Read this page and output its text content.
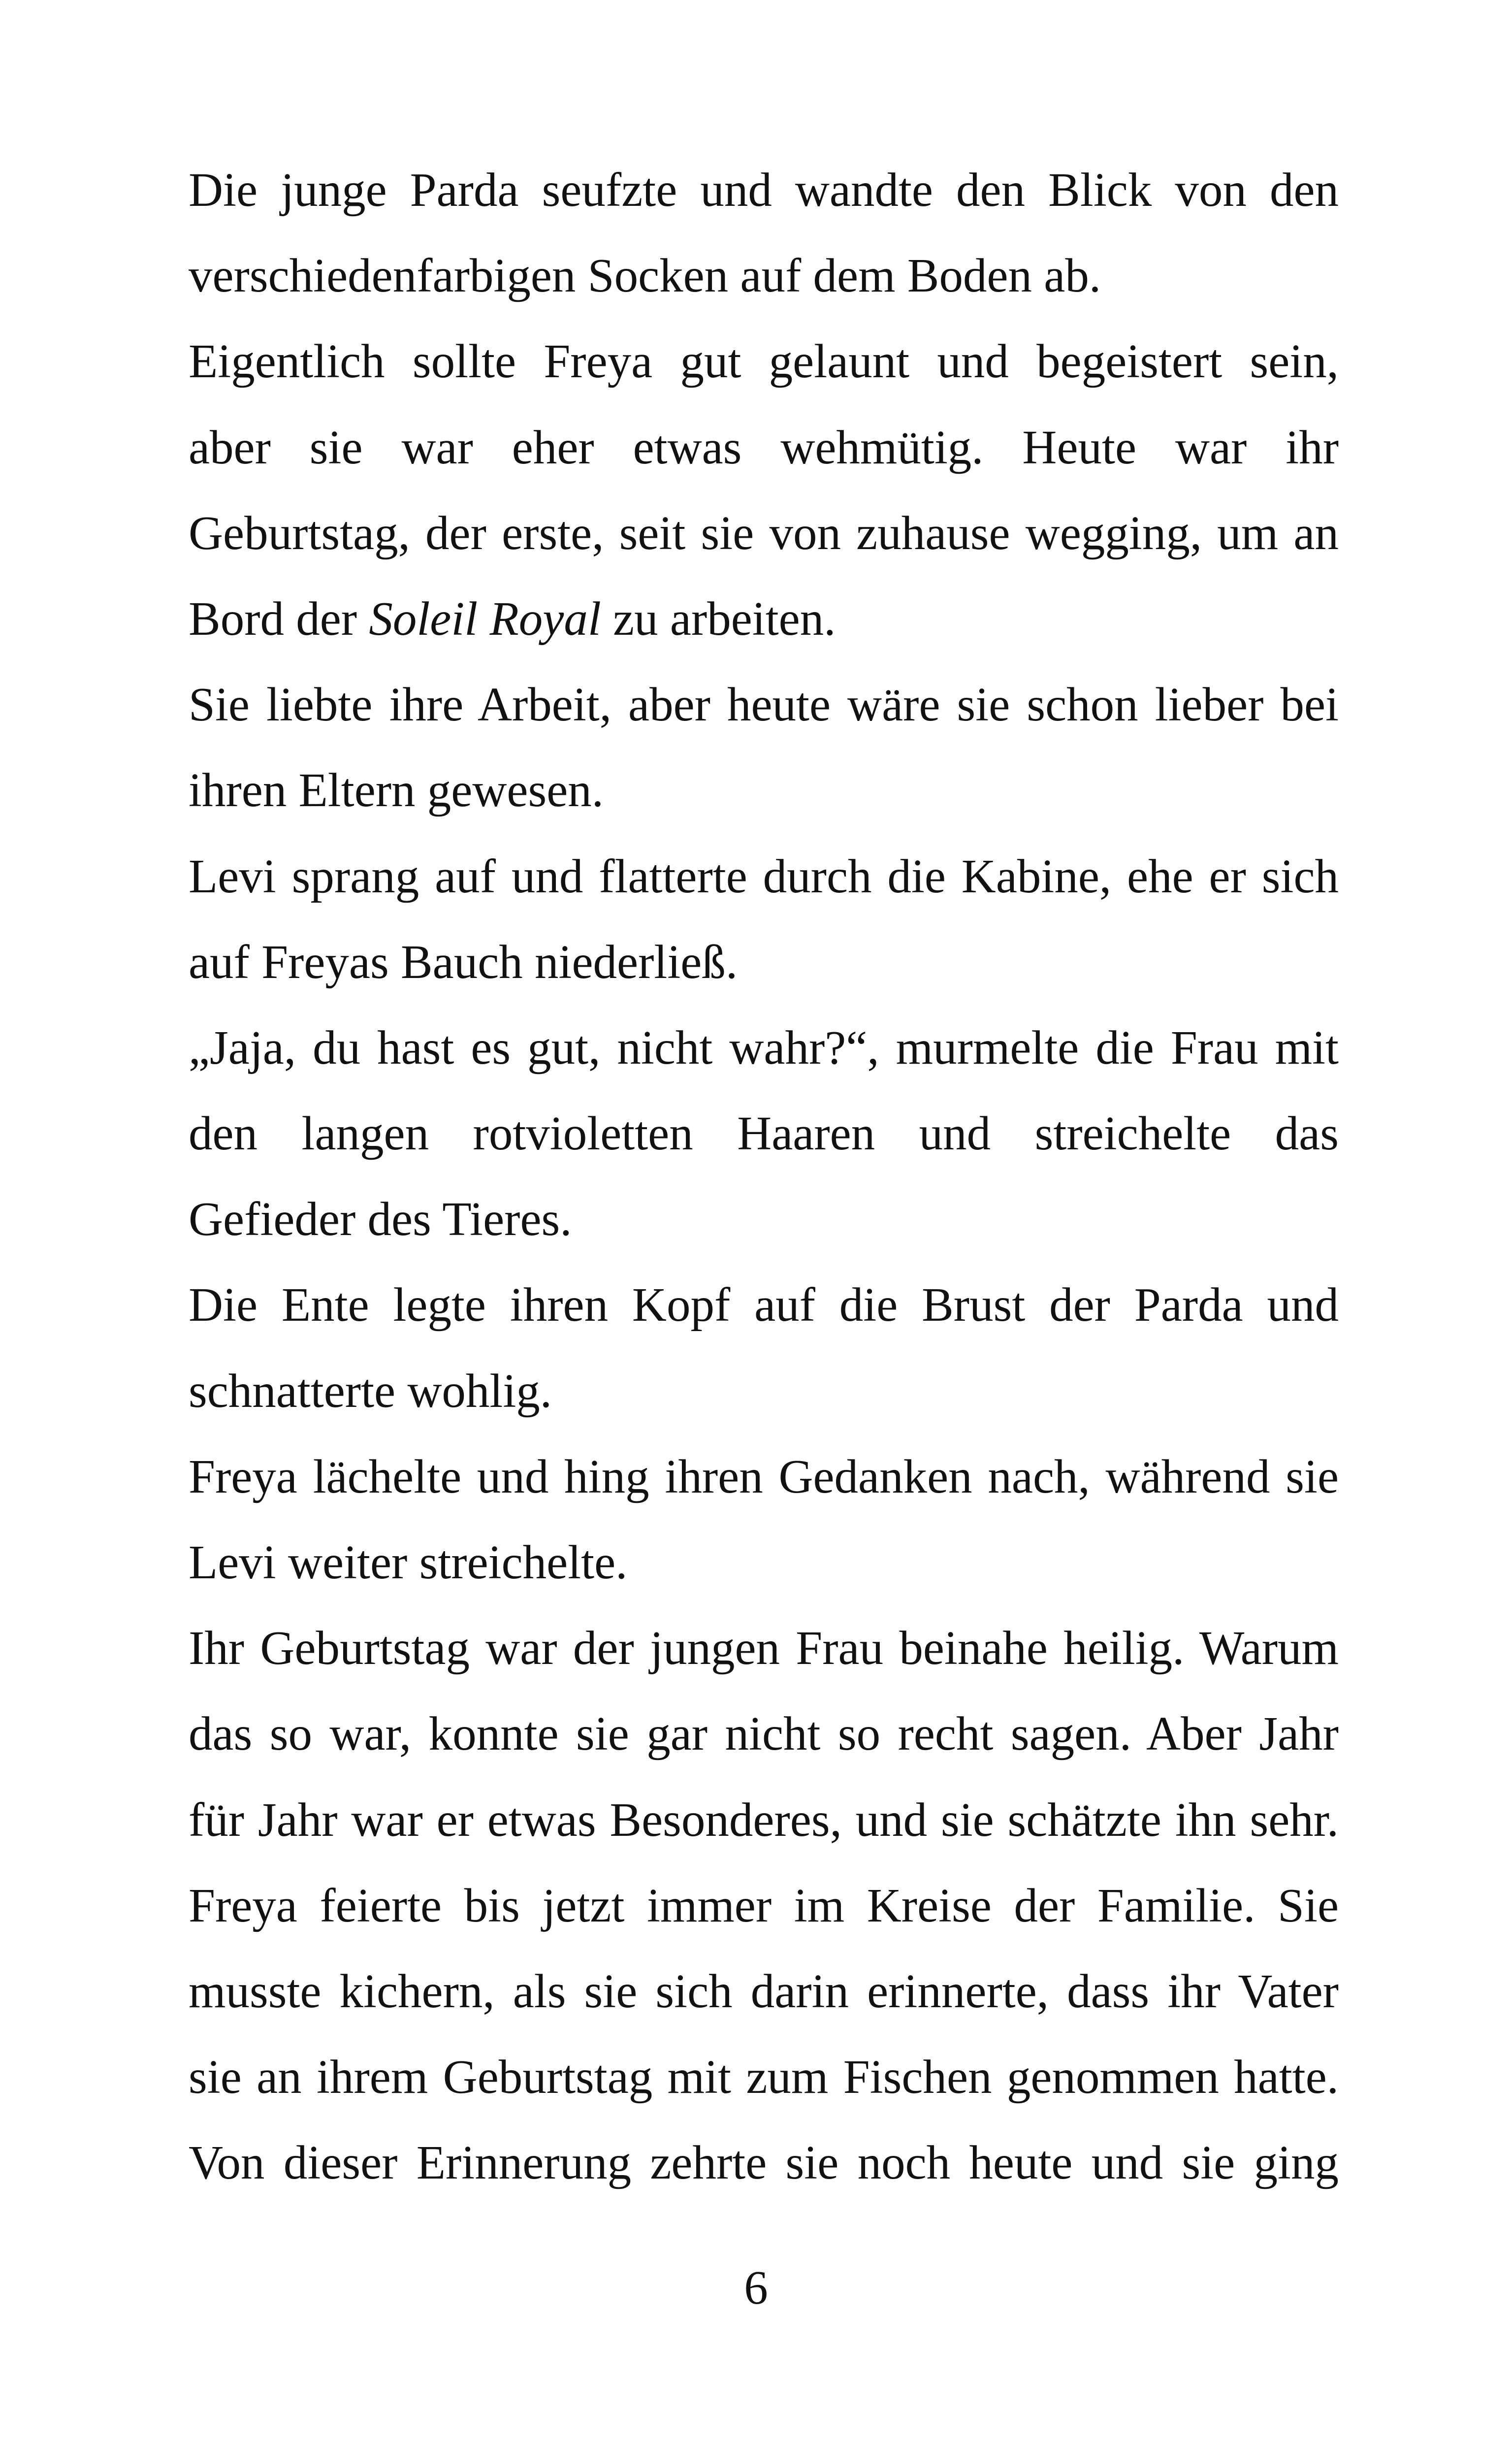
Die junge Parda seufzte und wandte den Blick von den
verschiedenfarbigen Socken auf dem Boden ab.
Eigentlich sollte Freya gut gelaunt und begeistert sein,
aber sie war eher etwas wehmütig. Heute war ihr
Geburtstag, der erste, seit sie von zuhause wegging, um an
Bord der Soleil Royal zu arbeiten.
Sie liebte ihre Arbeit, aber heute wäre sie schon lieber bei
ihren Eltern gewesen.
Levi sprang auf und flatterte durch die Kabine, ehe er sich
auf Freyas Bauch niederließ.
„Jaja, du hast es gut, nicht wahr?“, murmelte die Frau mit
den langen rotvioletten Haaren und streichelte das
Gefieder des Tieres.
Die Ente legte ihren Kopf auf die Brust der Parda und
schnatterte wohlig.
Freya lächelte und hing ihren Gedanken nach, während sie
Levi weiter streichelte.
Ihr Geburtstag war der jungen Frau beinahe heilig. Warum
das so war, konnte sie gar nicht so recht sagen. Aber Jahr
für Jahr war er etwas Besonderes, und sie schätzte ihn sehr.
Freya feierte bis jetzt immer im Kreise der Familie. Sie
musste kichern, als sie sich darin erinnerte, dass ihr Vater
sie an ihrem Geburtstag mit zum Fischen genommen hatte.
Von dieser Erinnerung zehrte sie noch heute und sie ging
6
